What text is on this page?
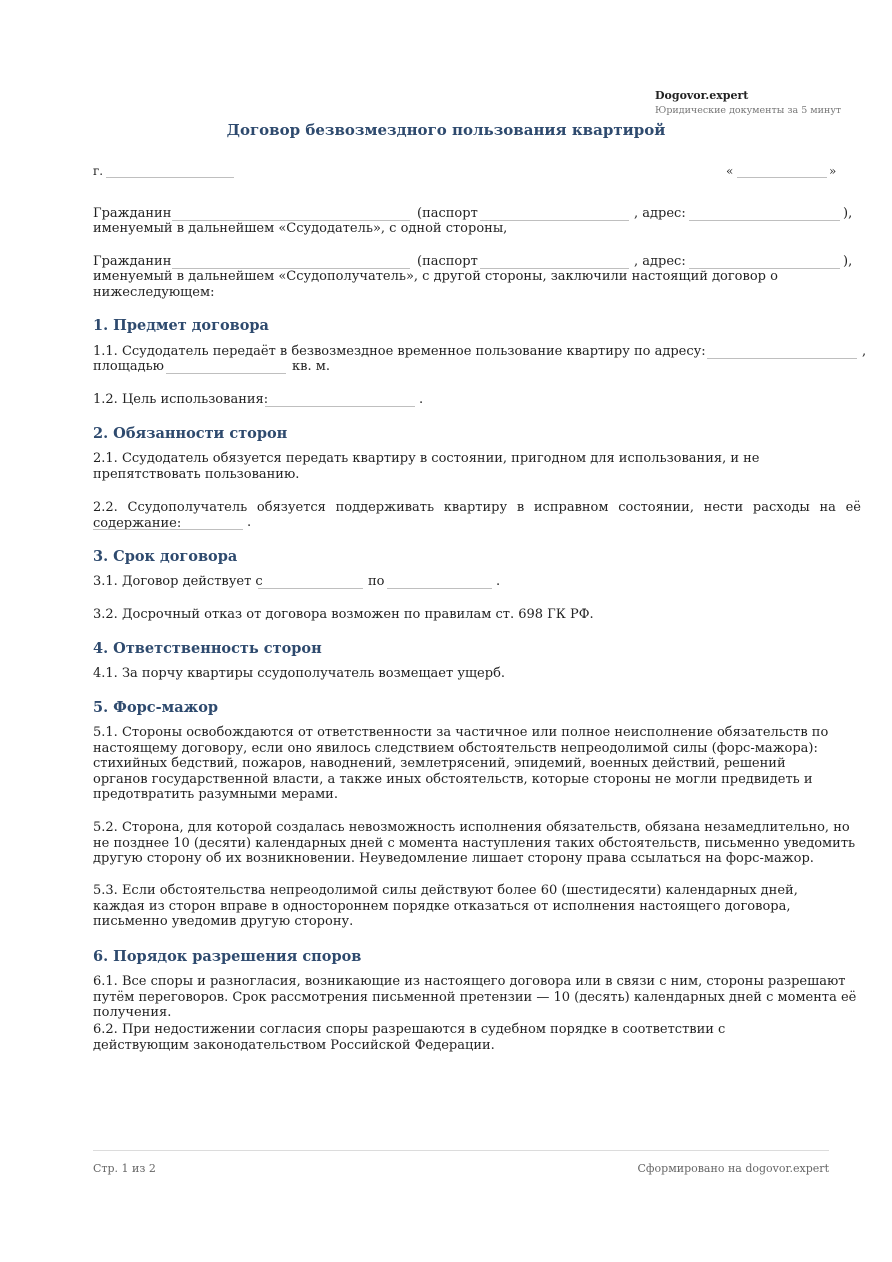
Dogovor.expert
Юридические документы за 5 минут
Договор безвозмездного пользования квартирой
г.	«	»
Гражданин	(паспорт	, адрес:	),
именуемый в дальнейшем «Ссудодатель», с одной стороны,
Гражданин	(паспорт	, адрес:	),
именуемый в дальнейшем «Ссудополучатель», с другой стороны, заключили настоящий договор о
нижеследующем:
1. Предмет договора
1.1. Ссудодатель передаёт в безвозмездное временное пользование квартиру по адресу:	,
площадью	кв. м.
1.2. Цель использования:	.
2. Обязанности сторон
2.1. Ссудодатель обязуется передать квартиру в состоянии, пригодном для использования, и не препятствовать пользованию.
2.2. Ссудополучатель обязуется поддерживать квартиру в исправном состоянии, нести расходы на её содержание:	.
3. Срок договора
3.1. Договор действует с	по	.
3.2. Досрочный отказ от договора возможен по правилам ст. 698 ГК РФ.
4. Ответственность сторон
4.1. За порчу квартиры ссудополучатель возмещает ущерб.
5. Форс-мажор
5.1. Стороны освобождаются от ответственности за частичное или полное неисполнение обязательств по настоящему договору, если оно явилось следствием обстоятельств непреодолимой силы (форс-мажора): стихийных бедствий, пожаров, наводнений, землетрясений, эпидемий, военных действий, решений органов государственной власти, а также иных обстоятельств, которые стороны не могли предвидеть и предотвратить разумными мерами.
5.2. Сторона, для которой создалась невозможность исполнения обязательств, обязана незамедлительно, но не позднее 10 (десяти) календарных дней с момента наступления таких обстоятельств, письменно уведомить другую сторону об их возникновении. Неуведомление лишает сторону права ссылаться на форс-мажор.
5.3. Если обстоятельства непреодолимой силы действуют более 60 (шестидесяти) календарных дней, каждая из сторон вправе в одностороннем порядке отказаться от исполнения настоящего договора, письменно уведомив другую сторону.
6. Порядок разрешения споров
6.1. Все споры и разногласия, возникающие из настоящего договора или в связи с ним, стороны разрешают путём переговоров. Срок рассмотрения письменной претензии — 10 (десять) календарных дней с момента её получения.
6.2. При недостижении согласия споры разрешаются в судебном порядке в соответствии с действующим законодательством Российской Федерации.
Стр. 1 из 2	Сформировано на dogovor.expert
